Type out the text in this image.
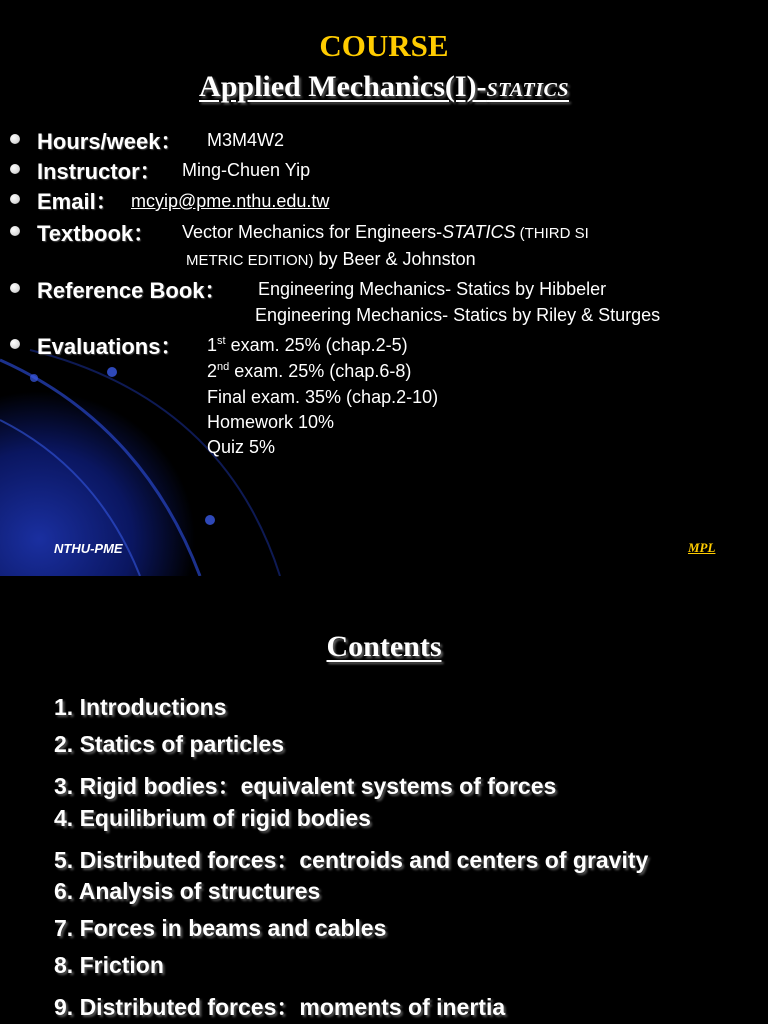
COURSE
Applied Mechanics(I)-STATICS
Hours/week： M3M4W2
Instructor： Ming-Chuen Yip
Email： mcyip@pme.nthu.edu.tw
Textbook： Vector Mechanics for Engineers-STATICS (THIRD SI
METRIC EDITION) by Beer & Johnston
Reference Book： Engineering Mechanics- Statics by Hibbeler
Engineering Mechanics- Statics by Riley & Sturges
Evaluations： 1st exam. 25% (chap.2-5)
2nd exam. 25% (chap.6-8)
Final exam. 35% (chap.2-10)
Homework 10%
Quiz 5%
NTHU-PME	MPL
Contents
1. Introductions
2. Statics of particles
3. Rigid bodies：equivalent systems of forces
4. Equilibrium of rigid bodies
5. Distributed forces：centroids and centers of gravity
6. Analysis of structures
7. Forces in beams and cables
8. Friction
9. Distributed forces：moments of inertia
